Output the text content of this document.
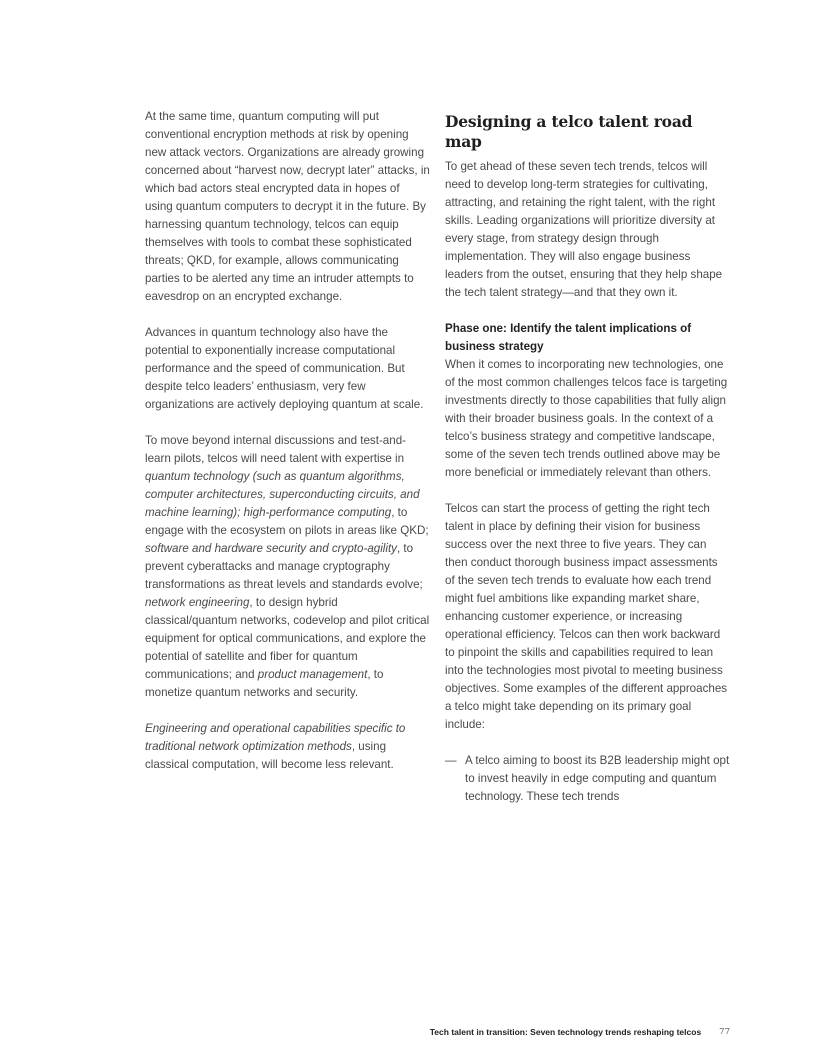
At the same time, quantum computing will put conventional encryption methods at risk by opening new attack vectors. Organizations are already growing concerned about “harvest now, decrypt later” attacks, in which bad actors steal encrypted data in hopes of using quantum computers to decrypt it in the future. By harnessing quantum technology, telcos can equip themselves with tools to combat these sophisticated threats; QKD, for example, allows communicating parties to be alerted any time an intruder attempts to eavesdrop on an encrypted exchange.

Advances in quantum technology also have the potential to exponentially increase computational performance and the speed of communication. But despite telco leaders’ enthusiasm, very few organizations are actively deploying quantum at scale.

To move beyond internal discussions and test-and-learn pilots, telcos will need talent with expertise in quantum technology (such as quantum algorithms, computer architectures, superconducting circuits, and machine learning); high-performance computing, to engage with the ecosystem on pilots in areas like QKD; software and hardware security and crypto-agility, to prevent cyberattacks and manage cryptography transformations as threat levels and standards evolve; network engineering, to design hybrid classical/quantum networks, codevelop and pilot critical equipment for optical communications, and explore the potential of satellite and fiber for quantum communications; and product management, to monetize quantum networks and security.

Engineering and operational capabilities specific to traditional network optimization methods, using classical computation, will become less relevant.

Designing a telco talent road map

To get ahead of these seven tech trends, telcos will need to develop long-term strategies for cultivating, attracting, and retaining the right talent, with the right skills. Leading organizations will prioritize diversity at every stage, from strategy design through implementation. They will also engage business leaders from the outset, ensuring that they help shape the tech talent strategy—and that they own it.

Phase one: Identify the talent implications of business strategy

When it comes to incorporating new technologies, one of the most common challenges telcos face is targeting investments directly to those capabilities that fully align with their broader business goals. In the context of a telco’s business strategy and competitive landscape, some of the seven tech trends outlined above may be more beneficial or immediately relevant than others.

Telcos can start the process of getting the right tech talent in place by defining their vision for business success over the next three to five years. They can then conduct thorough business impact assessments of the seven tech trends to evaluate how each trend might fuel ambitions like expanding market share, enhancing customer experience, or increasing operational efficiency. Telcos can then work backward to pinpoint the skills and capabilities required to lean into the technologies most pivotal to meeting business objectives. Some examples of the different approaches a telco might take depending on its primary goal include:

— A telco aiming to boost its B2B leadership might opt to invest heavily in edge computing and quantum technology. These tech trends
Tech talent in transition: Seven technology trends reshaping telcos 77
